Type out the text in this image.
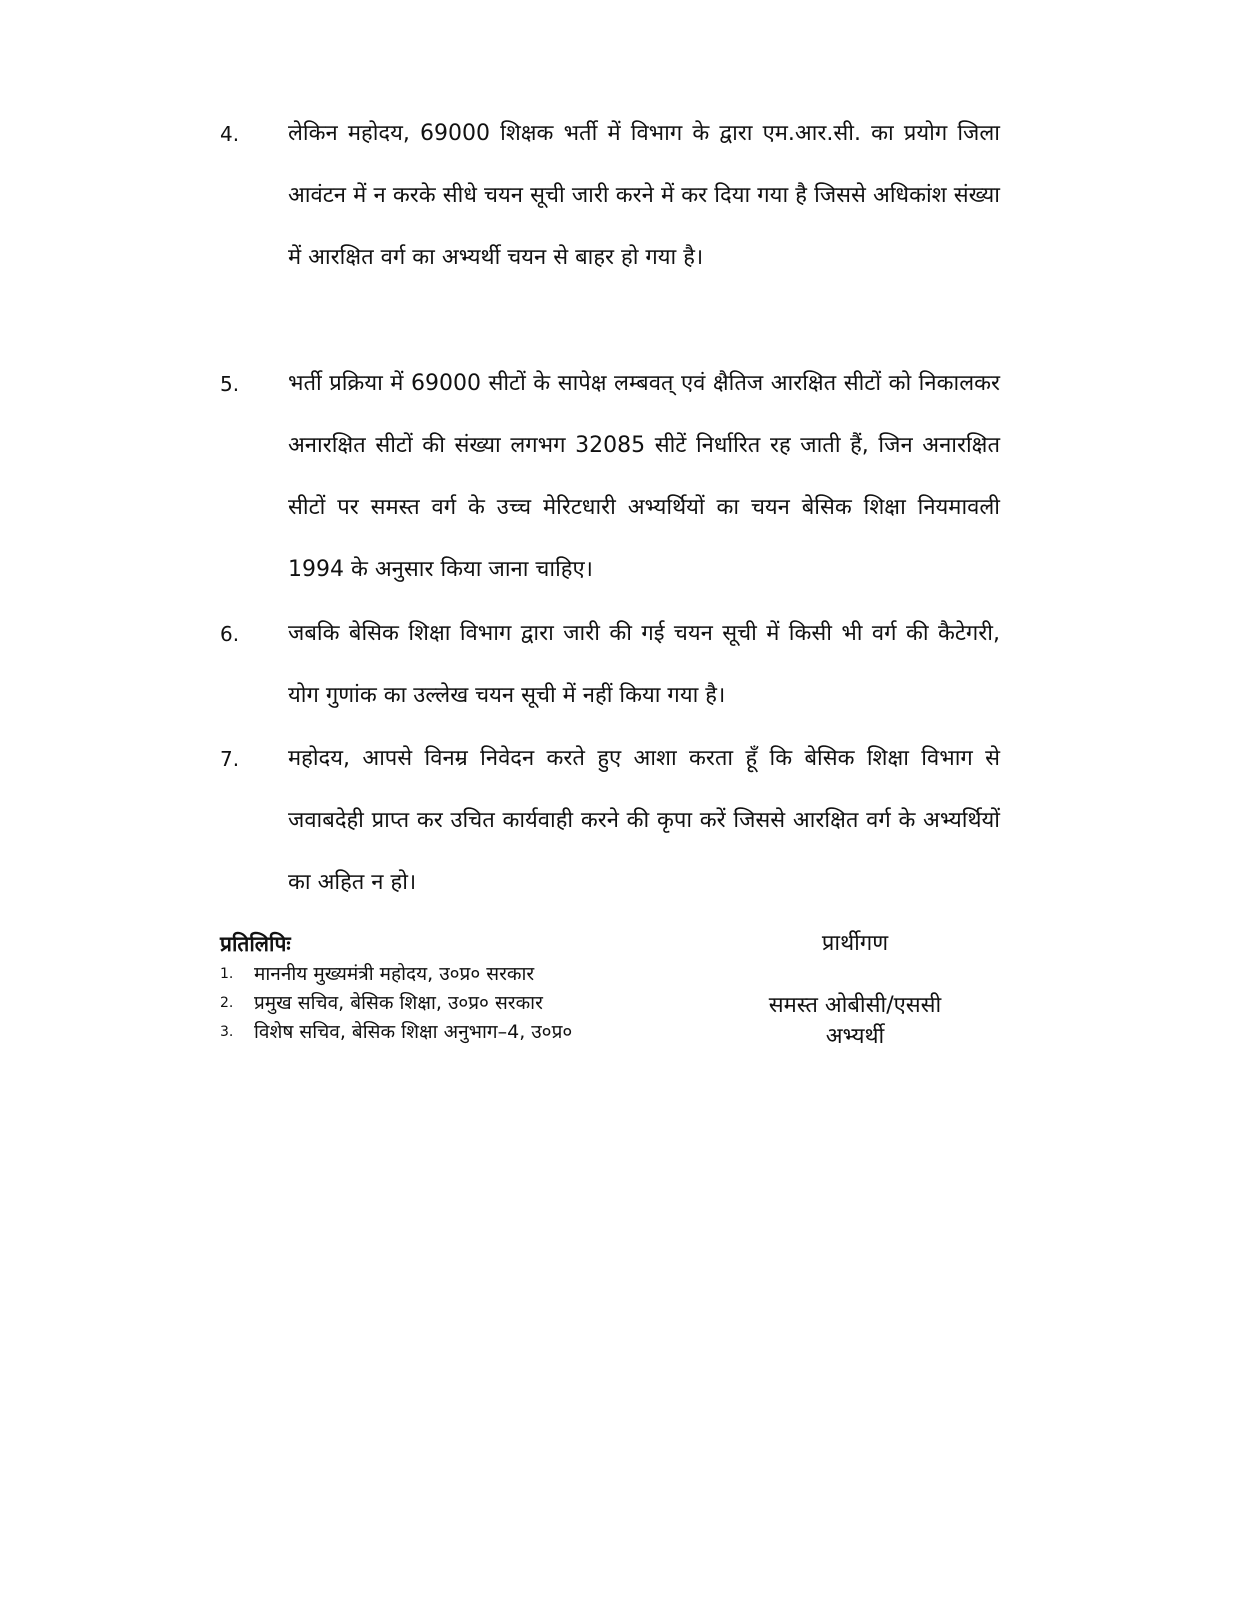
4. लेकिन महोदय, 69000 शिक्षक भर्ती में विभाग के द्वारा एम.आर.सी. का प्रयोग जिला आवंटन में न करके सीधे चयन सूची जारी करने में कर दिया गया है जिससे अधिकांश संख्या में आरक्षित वर्ग का अभ्यर्थी चयन से बाहर हो गया है।
5. भर्ती प्रक्रिया में 69000 सीटों के सापेक्ष लम्बवत् एवं क्षैतिज आरक्षित सीटों को निकालकर अनारक्षित सीटों की संख्या लगभग 32085 सीटें निर्धारित रह जाती हैं, जिन अनारक्षित सीटों पर समस्त वर्ग के उच्च मेरिटधारी अभ्यर्थियों का चयन बेसिक शिक्षा नियमावली 1994 के अनुसार किया जाना चाहिए।
6. जबकि बेसिक शिक्षा विभाग द्वारा जारी की गई चयन सूची में किसी भी वर्ग की कैटेगरी, योग गुणांक का उल्लेख चयन सूची में नहीं किया गया है।
7. महोदय, आपसे विनम्र निवेदन करते हुए आशा करता हूँ कि बेसिक शिक्षा विभाग से जवाबदेही प्राप्त कर उचित कार्यवाही करने की कृपा करें जिससे आरक्षित वर्ग के अभ्यर्थियों का अहित न हो।
प्रतिलिपिः
1. माननीय मुख्यमंत्री महोदय, उ०प्र० सरकार
2. प्रमुख सचिव, बेसिक शिक्षा, उ०प्र० सरकार
3. विशेष सचिव, बेसिक शिक्षा अनुभाग–4, उ०प्र०
प्रार्थीगण
समस्त ओबीसी/एससी
अभ्यर्थी
